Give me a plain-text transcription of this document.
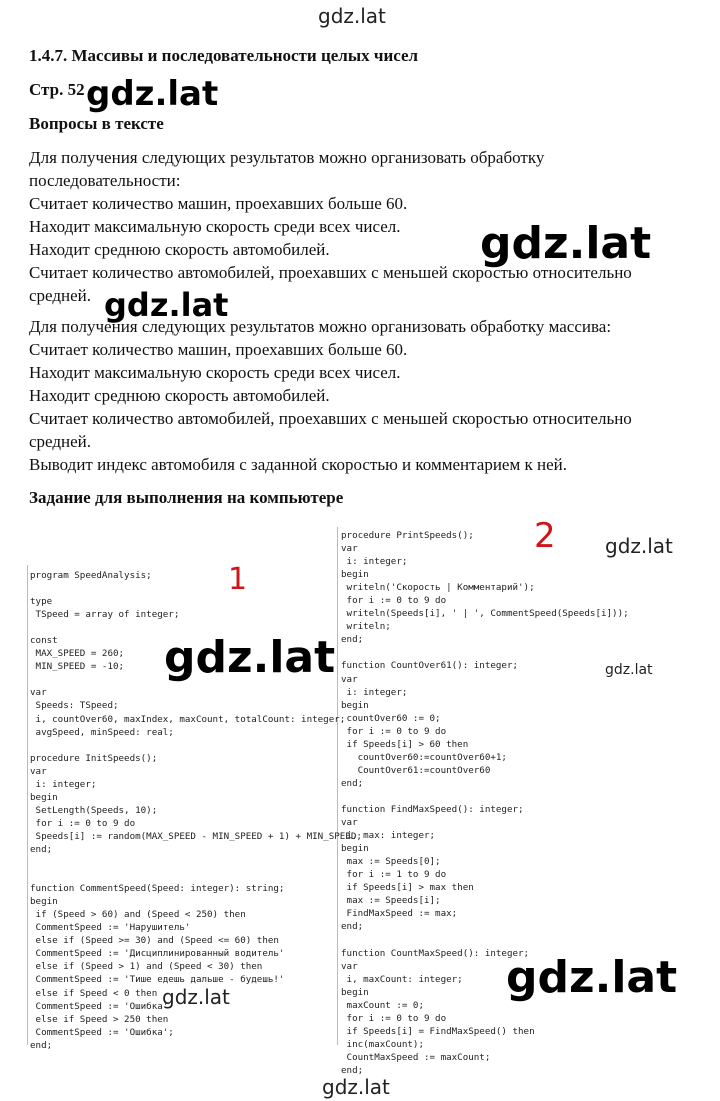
gdz.lat
gdz.lat
gdz.lat
gdz.lat
gdz.lat
gdz.lat	gdz.lat
gdz.lat
gdz.lat
gdz.lat
1.4.7. Массивы и последовательности целых чисел
Стр. 52
Вопросы в тексте
Для получения следующих результатов можно организовать обработку
последовательности:
Считает количество машин, проехавших больше 60.
Находит максимальную скорость среди всех чисел.
Находит среднюю скорость автомобилей.
Считает количество автомобилей, проехавших с меньшей скоростью относительно
средней.
Для получения следующих результатов можно организовать обработку массива:
Считает количество машин, проехавших больше 60.
Находит максимальную скорость среди всех чисел.
Находит среднюю скорость автомобилей.
Считает количество автомобилей, проехавших с меньшей скоростью относительно
средней.
Выводит индекс автомобиля с заданной скоростью и комментарием к ней.
Задание для выполнения на компьютере
1
2
program SpeedAnalysis;

type
TSpeed = array of integer;

const
MAX_SPEED = 260;
MIN_SPEED = -10;

var
Speeds: TSpeed;
i, countOver60, maxIndex, maxCount, totalCount: integer;
avgSpeed, minSpeed: real;

procedure InitSpeeds();
var
i: integer;
begin
SetLength(Speeds, 10);
for i := 0 to 9 do
Speeds[i] := random(MAX_SPEED - MIN_SPEED + 1) + MIN_SPEED;
end;

function CommentSpeed(Speed: integer): string;
begin
if (Speed > 60) and (Speed < 250) then
CommentSpeed := 'Нарушитель'
else if (Speed >= 30) and (Speed <= 60) then
CommentSpeed := 'Дисциплинированный водитель'
else if (Speed > 1) and (Speed < 30) then
CommentSpeed := 'Тише едешь дальше - будешь!'
else if Speed < 0 then
CommentSpeed := 'Ошибка'
else if Speed > 250 then
CommentSpeed := 'Ошибка';
end;
procedure PrintSpeeds();
var
i: integer;
begin
writeln('Скорость | Комментарий');
for i := 0 to 9 do
writeln(Speeds[i], ' | ', CommentSpeed(Speeds[i]));
writeln;
end;

function CountOver61(): integer;
var
i: integer;
begin
countOver60 := 0;
for i := 0 to 9 do
if Speeds[i] > 60 then
countOver60:=countOver60+1;
CountOver61:=countOver60
end;

function FindMaxSpeed(): integer;
var
i, max: integer;
begin
max := Speeds[0];
for i := 1 to 9 do
if Speeds[i] > max then
max := Speeds[i];
FindMaxSpeed := max;
end;

function CountMaxSpeed(): integer;
var
i, maxCount: integer;
begin
maxCount := 0;
for i := 0 to 9 do
if Speeds[i] = FindMaxSpeed() then
inc(maxCount);
CountMaxSpeed := maxCount;
end;
